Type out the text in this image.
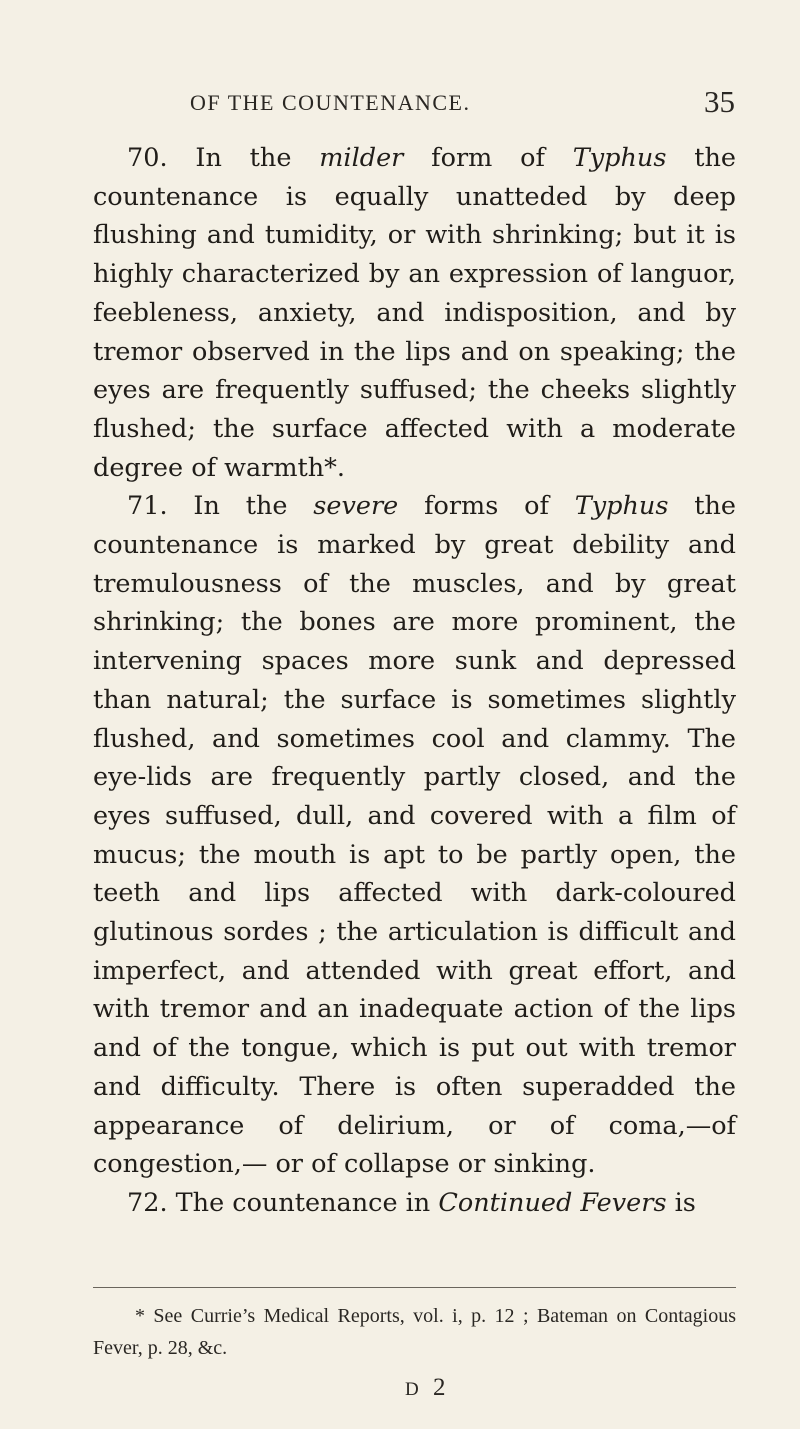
OF THE COUNTENANCE.	35

70. In the milder form of Typhus the countenance is equally unatteded by deep flushing and tumidity, or with shrinking; but it is highly characterized by an expression of languor, feebleness, anxiety, and indisposition, and by tremor observed in the lips and on speaking; the eyes are frequently suffused; the cheeks slightly flushed; the surface affected with a moderate degree of warmth*.

71. In the severe forms of Typhus the countenance is marked by great debility and tremulousness of the muscles, and by great shrinking; the bones are more prominent, the intervening spaces more sunk and depressed than natural; the surface is sometimes slightly flushed, and sometimes cool and clammy. The eye-lids are frequently partly closed, and the eyes suffused, dull, and covered with a film of mucus; the mouth is apt to be partly open, the teeth and lips affected with dark-coloured glutinous sordes ; the articulation is difficult and imperfect, and attended with great effort, and with tremor and an inadequate action of the lips and of the tongue, which is put out with tremor and difficulty. There is often superadded the appearance of delirium, or of coma,—of congestion,— or of collapse or sinking.

72. The countenance in Continued Fevers is

* See Currie’s Medical Reports, vol. i, p. 12 ; Bateman on Contagious Fever, p. 28, &c.

D 2
